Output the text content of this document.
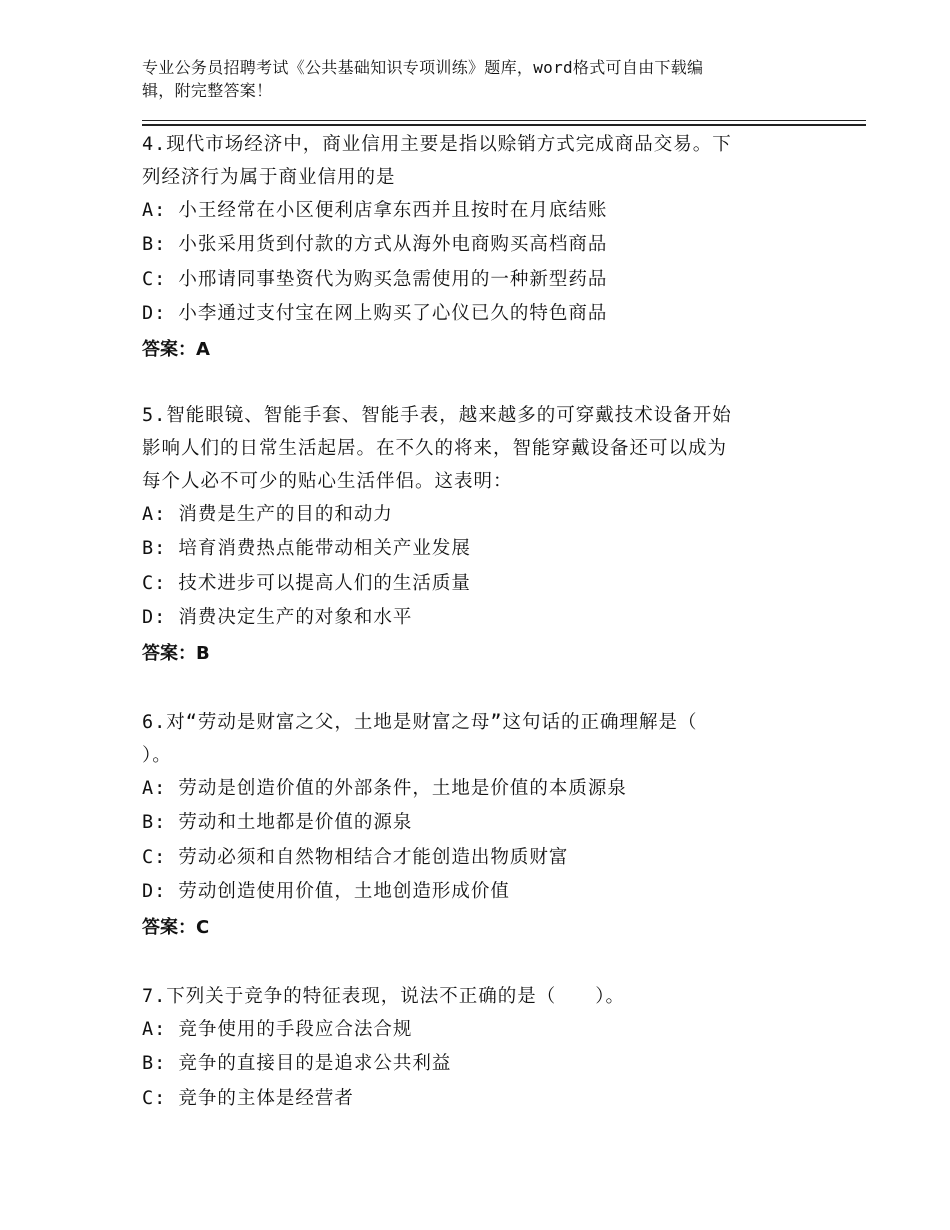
专业公务员招聘考试《公共基础知识专项训练》题库，word格式可自由下载编
辑，附完整答案！
4.现代市场经济中，商业信用主要是指以赊销方式完成商品交易。下
列经济行为属于商业信用的是
A: 小王经常在小区便利店拿东西并且按时在月底结账
B: 小张采用货到付款的方式从海外电商购买高档商品
C: 小邢请同事垫资代为购买急需使用的一种新型药品
D: 小李通过支付宝在网上购买了心仪已久的特色商品
答案：A
5.智能眼镜、智能手套、智能手表，越来越多的可穿戴技术设备开始
影响人们的日常生活起居。在不久的将来，智能穿戴设备还可以成为
每个人必不可少的贴心生活伴侣。这表明：
A: 消费是生产的目的和动力
B: 培育消费热点能带动相关产业发展
C: 技术进步可以提高人们的生活质量
D: 消费决定生产的对象和水平
答案：B
6.对“劳动是财富之父，土地是财富之母”这句话的正确理解是（
）。
A: 劳动是创造价值的外部条件，土地是价值的本质源泉
B: 劳动和土地都是价值的源泉
C: 劳动必须和自然物相结合才能创造出物质财富
D: 劳动创造使用价值，土地创造形成价值
答案：C
7.下列关于竞争的特征表现，说法不正确的是（　　）。
A: 竞争使用的手段应合法合规
B: 竞争的直接目的是追求公共利益
C: 竞争的主体是经营者
